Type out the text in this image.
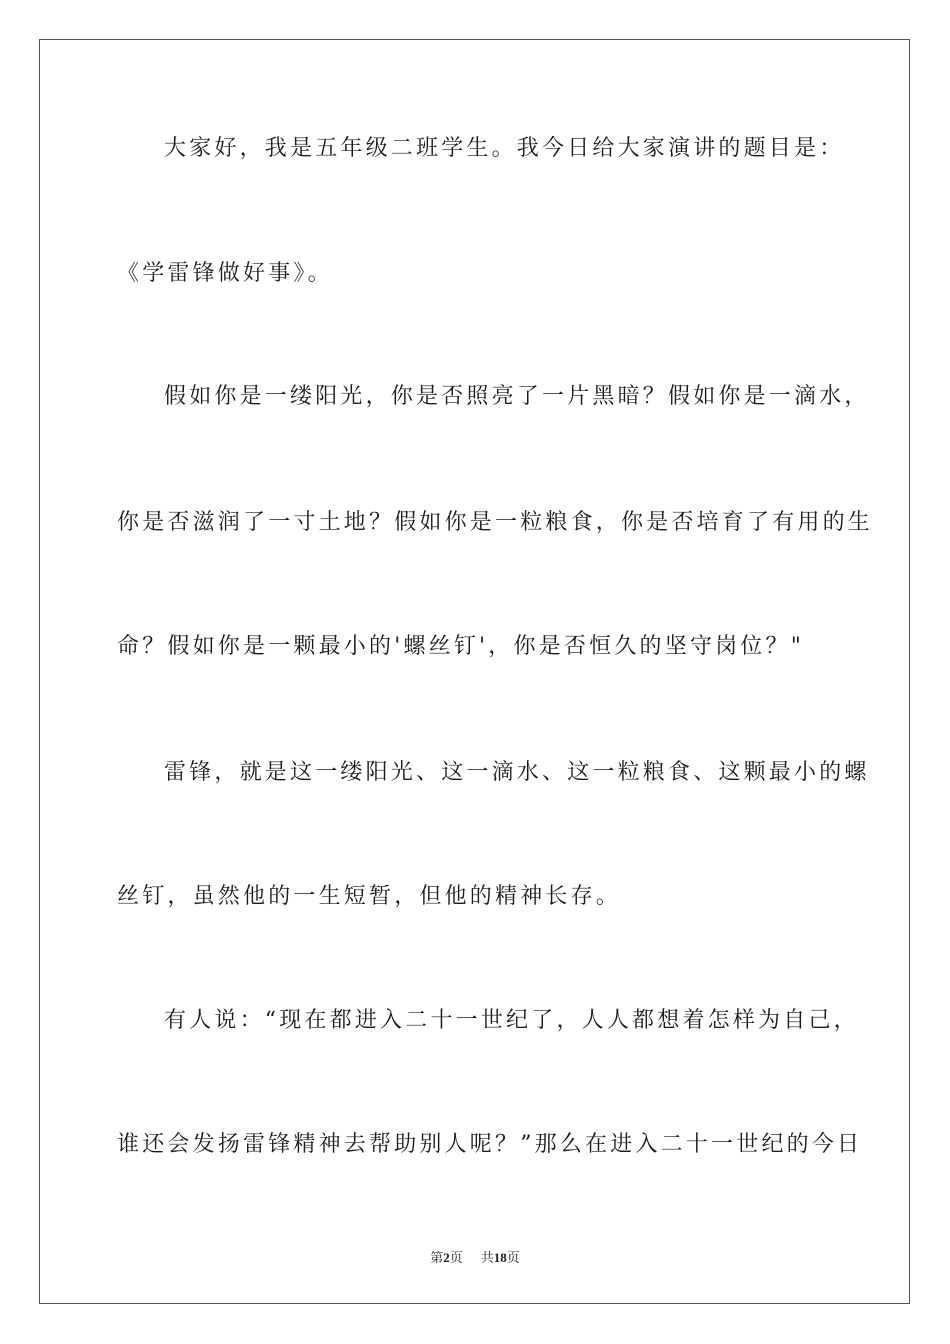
大家好，我是五年级二班学生。我今日给大家演讲的题目是：
《学雷锋做好事》。
假如你是一缕阳光，你是否照亮了一片黑暗？假如你是一滴水，
你是否滋润了一寸土地？假如你是一粒粮食，你是否培育了有用的生
命？假如你是一颗最小的'螺丝钉'，你是否恒久的坚守岗位？"
雷锋，就是这一缕阳光、这一滴水、这一粒粮食、这颗最小的螺
丝钉，虽然他的一生短暂，但他的精神长存。
有人说：“现在都进入二十一世纪了，人人都想着怎样为自己，
谁还会发扬雷锋精神去帮助别人呢？”那么在进入二十一世纪的今日
第2页 共18页
